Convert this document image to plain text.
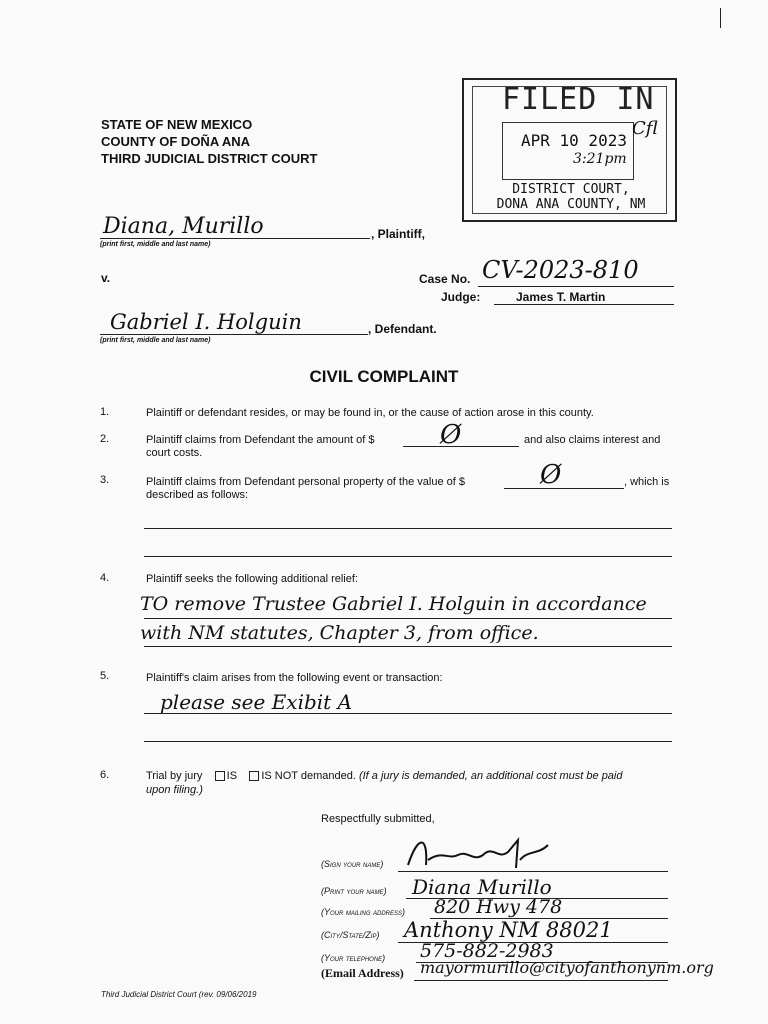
STATE OF NEW MEXICO
COUNTY OF DOÑA ANA
THIRD JUDICIAL DISTRICT COURT
FILED IN
APR 10 2023
3:21pm
Cfl
DISTRICT COURT,
DONA ANA COUNTY, NM
Diana, Murillo	, Plaintiff,
(print first, middle and last name)
v.	Case No. CV-2023-810
Judge:	James T. Martin
Gabriel I. Holguin	, Defendant.
(print first, middle and last name)
CIVIL COMPLAINT
1.	Plaintiff or defendant resides, or may be found in, or the cause of action arose in this county.
2.	Plaintiff claims from Defendant the amount of $	Ø	and also claims interest and
court costs.
3.	Plaintiff claims from Defendant personal property of the value of $	Ø	, which is
described as follows:
4.	Plaintiff seeks the following additional relief:
TO remove Trustee Gabriel I. Holguin in accordance
with NM statutes, Chapter 3, from office.
5.	Plaintiff's claim arises from the following event or transaction:
please see Exibit A
6.	Trial by jury IS IS NOT demanded. (If a jury is demanded, an additional cost must be paid
upon filing.)
Respectfully submitted,
(Sign your name)
(Print your name) Diana Murillo
(Your mailing address) 820 Hwy 478
(City/State/Zip) Anthony NM 88021
(Your telephone) 575-882-2983
(Email Address) mayormurillo@cityofanthonynm.org
Third Judicial District Court (rev. 09/06/2019
